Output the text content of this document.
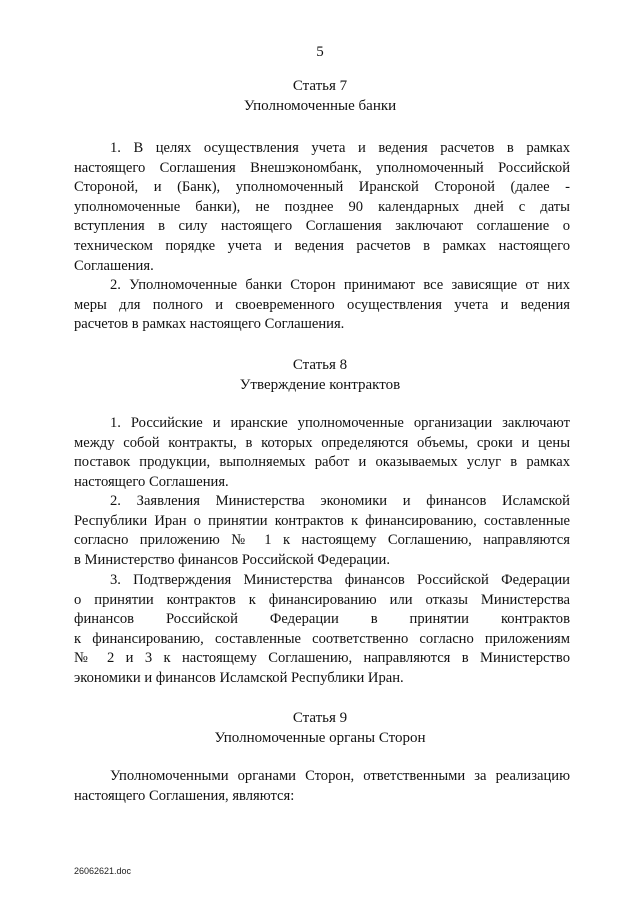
5
Статья 7
Уполномоченные банки
1. В целях осуществления учета и ведения расчетов в рамках
настоящего Соглашения Внешэкономбанк, уполномоченный Российской
Стороной, и (Банк), уполномоченный Иранской Стороной (далее -
уполномоченные банки), не позднее 90 календарных дней с даты
вступления в силу настоящего Соглашения заключают соглашение о
техническом порядке учета и ведения расчетов в рамках настоящего
Соглашения.
2. Уполномоченные банки Сторон принимают все зависящие от них
меры для полного и своевременного осуществления учета и ведения
расчетов в рамках настоящего Соглашения.
Статья 8
Утверждение контрактов
1. Российские и иранские уполномоченные организации заключают
между собой контракты, в которых определяются объемы, сроки и цены
поставок продукции, выполняемых работ и оказываемых услуг в рамках
настоящего Соглашения.
2. Заявления Министерства экономики и финансов Исламской
Республики Иран о принятии контрактов к финансированию, составленные
согласно приложению № 1 к настоящему Соглашению, направляются
в Министерство финансов Российской Федерации.
3. Подтверждения Министерства финансов Российской Федерации
о принятии контрактов к финансированию или отказы Министерства
финансов Российской Федерации в принятии контрактов
к финансированию, составленные соответственно согласно приложениям
№ 2 и 3 к настоящему Соглашению, направляются в Министерство
экономики и финансов Исламской Республики Иран.
Статья 9
Уполномоченные органы Сторон
Уполномоченными органами Сторон, ответственными за реализацию
настоящего Соглашения, являются:
26062621.doc
